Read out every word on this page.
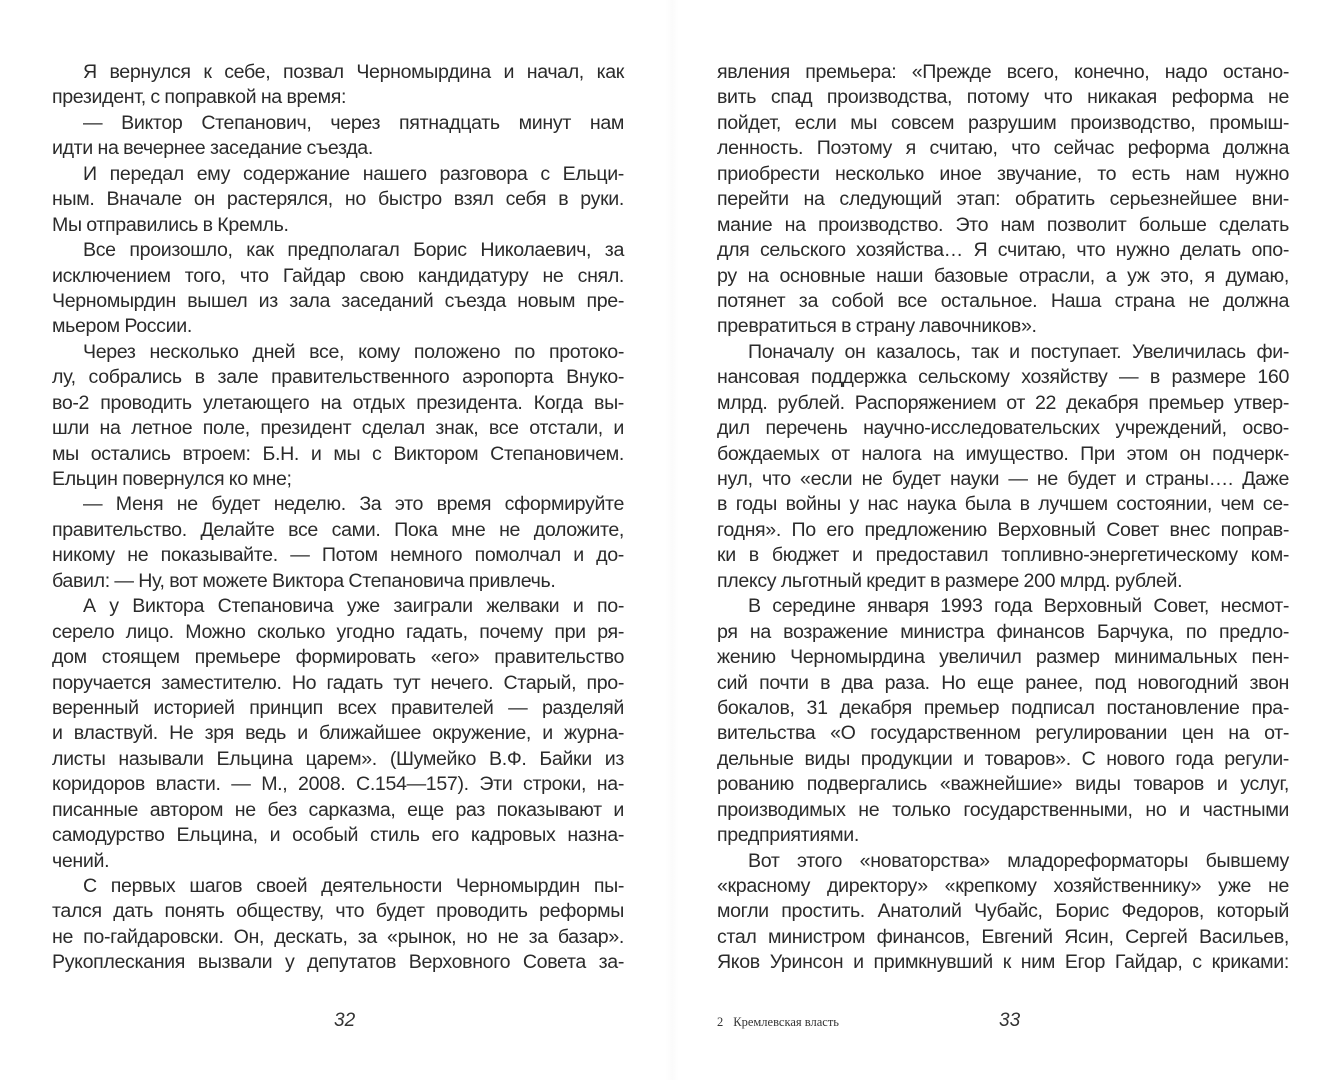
Я вернулся к себе, позвал Черномырдина и начал, как
президент, с поправкой на время:
— Виктор Степанович, через пятнадцать минут нам
идти на вечернее заседание съезда.
И передал ему содержание нашего разговора с Ельци-
ным. Вначале он растерялся, но быстро взял себя в руки.
Мы отправились в Кремль.
Все произошло, как предполагал Борис Николаевич, за
исключением того, что Гайдар свою кандидатуру не снял.
Черномырдин вышел из зала заседаний съезда новым пре-
мьером России.
Через несколько дней все, кому положено по протоко-
лу, собрались в зале правительственного аэропорта Внуко-
во-2 проводить улетающего на отдых президента. Когда вы-
шли на летное поле, президент сделал знак, все отстали, и
мы остались втроем: Б.Н. и мы с Виктором Степановичем.
Ельцин повернулся ко мне;
— Меня не будет неделю. За это время сформируйте
правительство. Делайте все сами. Пока мне не доложите,
никому не показывайте. — Потом немного помолчал и до-
бавил: — Ну, вот можете Виктора Степановича привлечь.
А у Виктора Степановича уже заиграли желваки и по-
серело лицо. Можно сколько угодно гадать, почему при ря-
дом стоящем премьере формировать «его» правительство
поручается заместителю. Но гадать тут нечего. Старый, про-
веренный историей принцип всех правителей — разделяй
и властвуй. Не зря ведь и ближайшее окружение, и журна-
листы называли Ельцина царем». (Шумейко В.Ф. Байки из
коридоров власти. — М., 2008. С.154—157). Эти строки, на-
писанные автором не без сарказма, еще раз показывают и
самодурство Ельцина, и особый стиль его кадровых назна-
чений.
С первых шагов своей деятельности Черномырдин пы-
тался дать понять обществу, что будет проводить реформы
не по-гайдаровски. Он, дескать, за «рынок, но не за базар».
Рукоплескания вызвали у депутатов Верховного Совета за-
32
явления премьера: «Прежде всего, конечно, надо остано-
вить спад производства, потому что никакая реформа не
пойдет, если мы совсем разрушим производство, промыш-
ленность. Поэтому я считаю, что сейчас реформа должна
приобрести несколько иное звучание, то есть нам нужно
перейти на следующий этап: обратить серьезнейшее вни-
мание на производство. Это нам позволит больше сделать
для сельского хозяйства… Я считаю, что нужно делать опо-
ру на основные наши базовые отрасли, а уж это, я думаю,
потянет за собой все остальное. Наша страна не должна
превратиться в страну лавочников».
Поначалу он казалось, так и поступает. Увеличилась фи-
нансовая поддержка сельскому хозяйству — в размере 160
млрд. рублей. Распоряжением от 22 декабря премьер утвер-
дил перечень научно-исследовательских учреждений, осво-
бождаемых от налога на имущество. При этом он подчерк-
нул, что «если не будет науки — не будет и страны…. Даже
в годы войны у нас наука была в лучшем состоянии, чем се-
годня». По его предложению Верховный Совет внес поправ-
ки в бюджет и предоставил топливно-энергетическому ком-
плексу льготный кредит в размере 200 млрд. рублей.
В середине января 1993 года Верховный Совет, несмот-
ря на возражение министра финансов Барчука, по предло-
жению Черномырдина увеличил размер минимальных пен-
сий почти в два раза. Но еще ранее, под новогодний звон
бокалов, 31 декабря премьер подписал постановление пра-
вительства «О государственном регулировании цен на от-
дельные виды продукции и товаров». С нового года регули-
рованию подвергались «важнейшие» виды товаров и услуг,
производимых не только государственными, но и частными
предприятиями.
Вот этого «новаторства» младореформаторы бывшему
«красному директору» «крепкому хозяйственнику» уже не
могли простить. Анатолий Чубайс, Борис Федоров, который
стал министром финансов, Евгений Ясин, Сергей Васильев,
Яков Уринсон и примкнувший к ним Егор Гайдар, с криками:
2 Кремлевская власть	33
